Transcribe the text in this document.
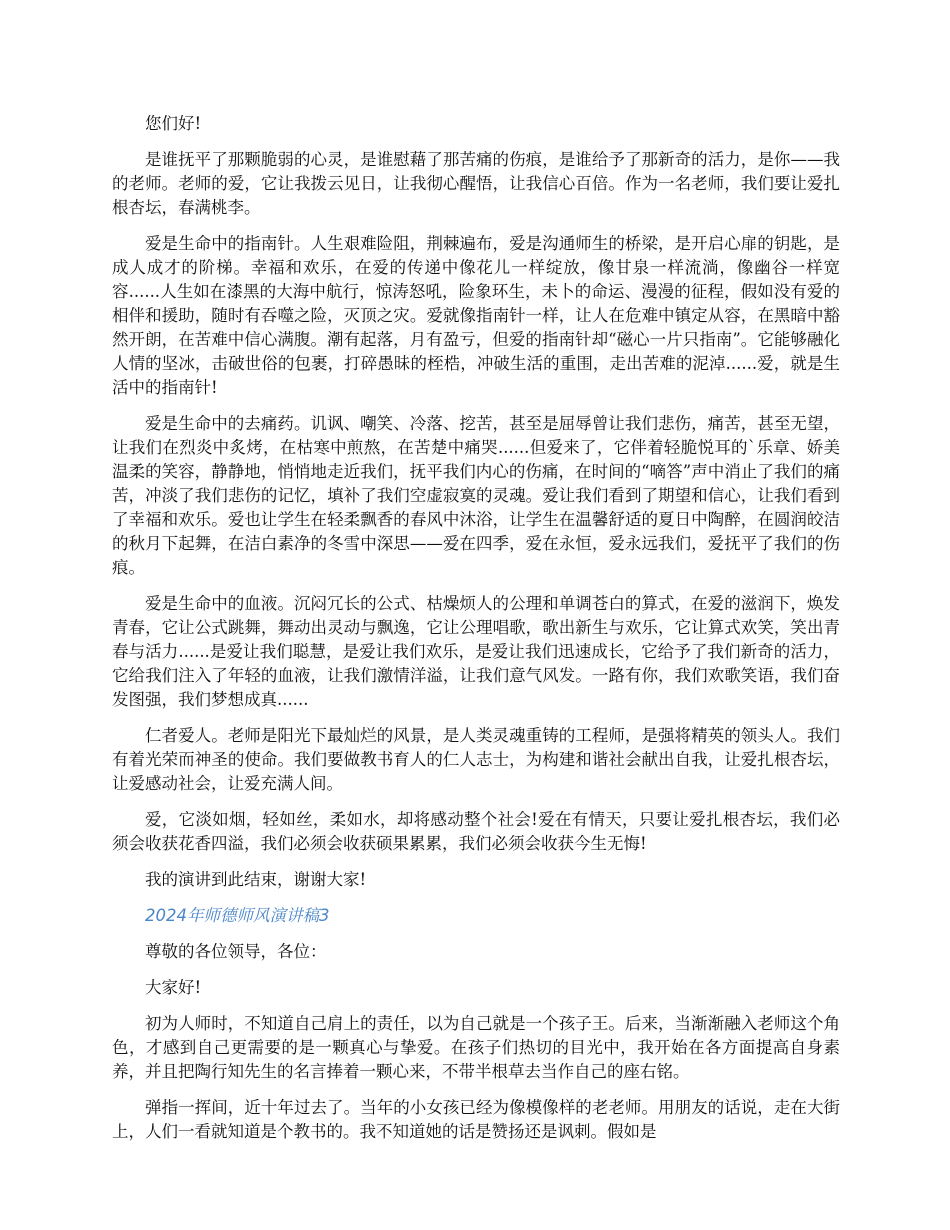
您们好!

是谁抚平了那颗脆弱的心灵，是谁慰藉了那苦痛的伤痕，是谁给予了那新奇的活力，是你——我的老师。老师的爱，它让我拨云见日，让我彻心醒悟，让我信心百倍。作为一名老师，我们要让爱扎根杏坛，春满桃李。

爱是生命中的指南针。人生艰难险阻，荆棘遍布，爱是沟通师生的桥梁，是开启心扉的钥匙，是成人成才的阶梯。幸福和欢乐，在爱的传递中像花儿一样绽放，像甘泉一样流淌，像幽谷一样宽容......人生如在漆黑的大海中航行，惊涛怒吼，险象环生，未卜的命运、漫漫的征程，假如没有爱的相伴和援助，随时有吞噬之险，灭顶之灾。爱就像指南针一样，让人在危难中镇定从容，在黑暗中豁然开朗，在苦难中信心满腹。潮有起落，月有盈亏，但爱的指南针却“磁心一片只指南”。它能够融化人情的坚冰，击破世俗的包裹，打碎愚昧的桎梏，冲破生活的重围，走出苦难的泥淖......爱，就是生活中的指南针!

爱是生命中的去痛药。讥讽、嘲笑、冷落、挖苦，甚至是屈辱曾让我们悲伤，痛苦，甚至无望，让我们在烈炎中炙烤，在枯寒中煎熬，在苦楚中痛哭......但爱来了，它伴着轻脆悦耳的`乐章、娇美温柔的笑容，静静地，悄悄地走近我们，抚平我们内心的伤痛，在时间的“嘀答”声中消止了我们的痛苦，冲淡了我们悲伤的记忆，填补了我们空虚寂寞的灵魂。爱让我们看到了期望和信心，让我们看到了幸福和欢乐。爱也让学生在轻柔飘香的春风中沐浴，让学生在温馨舒适的夏日中陶醉，在圆润皎洁的秋月下起舞，在洁白素净的冬雪中深思——爱在四季，爱在永恒，爱永远我们，爱抚平了我们的伤痕。

爱是生命中的血液。沉闷冗长的公式、枯燥烦人的公理和单调苍白的算式，在爱的滋润下，焕发青春，它让公式跳舞，舞动出灵动与飘逸，它让公理唱歌，歌出新生与欢乐，它让算式欢笑，笑出青春与活力......是爱让我们聪慧，是爱让我们欢乐，是爱让我们迅速成长，它给予了我们新奇的活力，它给我们注入了年轻的血液，让我们激情洋溢，让我们意气风发。一路有你，我们欢歌笑语，我们奋发图强，我们梦想成真......

仁者爱人。老师是阳光下最灿烂的风景，是人类灵魂重铸的工程师，是强将精英的领头人。我们有着光荣而神圣的使命。我们要做教书育人的仁人志士，为构建和谐社会献出自我，让爱扎根杏坛，让爱感动社会，让爱充满人间。

爱，它淡如烟，轻如丝，柔如水，却将感动整个社会!爱在有情天，只要让爱扎根杏坛，我们必须会收获花香四溢，我们必须会收获硕果累累，我们必须会收获今生无悔!

我的演讲到此结束，谢谢大家!

2024年师德师风演讲稿3

尊敬的各位领导，各位：

大家好!

初为人师时，不知道自己肩上的责任，以为自己就是一个孩子王。后来，当渐渐融入老师这个角色，才感到自己更需要的是一颗真心与挚爱。在孩子们热切的目光中，我开始在各方面提高自身素养，并且把陶行知先生的名言捧着一颗心来，不带半根草去当作自己的座右铭。

弹指一挥间，近十年过去了。当年的小女孩已经为像模像样的老老师。用朋友的话说，走在大街上，人们一看就知道是个教书的。我不知道她的话是赞扬还是讽刺。假如是
